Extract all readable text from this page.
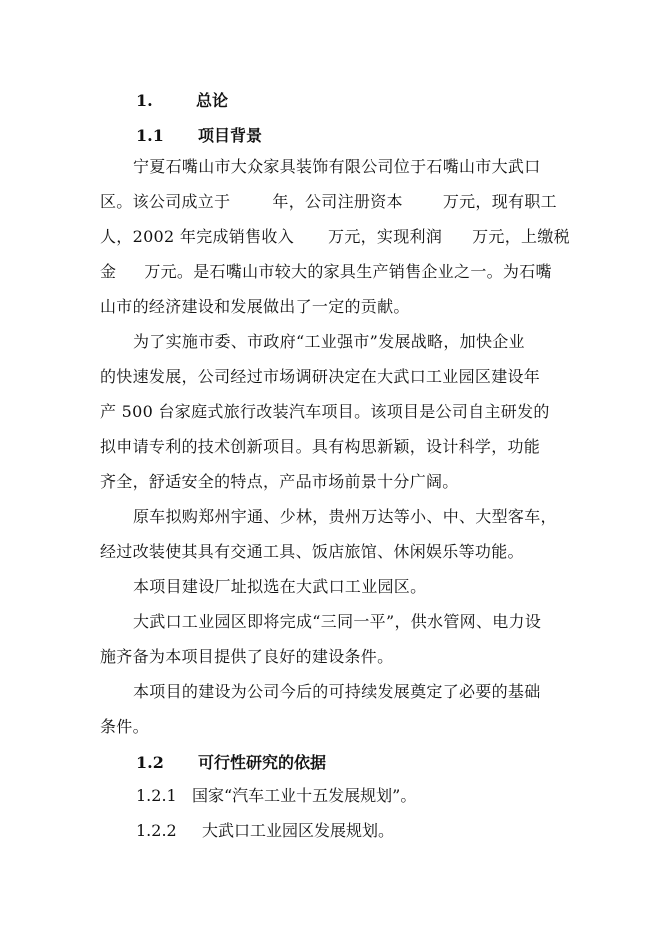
1.	总论
1.1 项目背景
宁夏石嘴山市大众家具装饰有限公司位于石嘴山市大武口
区。该公司成立于	年，公司注册资本	万元，现有职工
人，2002 年完成销售收入 万元，实现利润 万元，上缴税
金 万元。是石嘴山市较大的家具生产销售企业之一。为石嘴
山市的经济建设和发展做出了一定的贡献。
为了实施市委、市政府“工业强市”发展战略，加快企业
的快速发展，公司经过市场调研决定在大武口工业园区建设年
产 500 台家庭式旅行改装汽车项目。该项目是公司自主研发的
拟申请专利的技术创新项目。具有构思新颖，设计科学，功能
齐全，舒适安全的特点，产品市场前景十分广阔。
原车拟购郑州宇通、少林，贵州万达等小、中、大型客车，
经过改装使其具有交通工具、饭店旅馆、休闲娱乐等功能。
本项目建设厂址拟选在大武口工业园区。
大武口工业园区即将完成“三同一平”，供水管网、电力设
施齐备为本项目提供了良好的建设条件。
本项目的建设为公司今后的可持续发展奠定了必要的基础
条件。
1.2 可行性研究的依据
1.2.1 国家“汽车工业十五发展规划”。
1.2.2 大武口工业园区发展规划。
